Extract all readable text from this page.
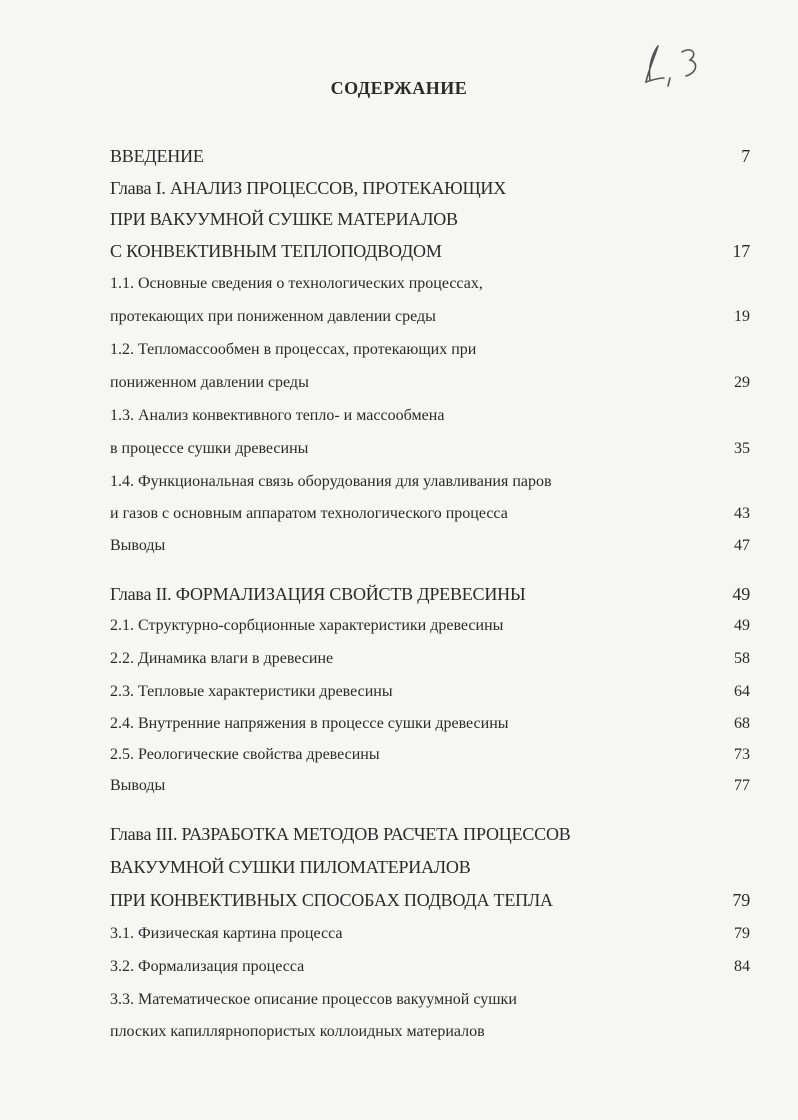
СОДЕРЖАНИЕ
ВВЕДЕНИЕ	7
Глава I. АНАЛИЗ ПРОЦЕССОВ, ПРОТЕКАЮЩИХ
ПРИ ВАКУУМНОЙ СУШКЕ МАТЕРИАЛОВ
С КОНВЕКТИВНЫМ ТЕПЛОПОДВОДОМ	17
1.1. Основные сведения о технологических процессах,
протекающих при пониженном давлении среды	19
1.2. Тепломассообмен в процессах, протекающих при
пониженном давлении среды	29
1.3. Анализ конвективного тепло- и массообмена
в процессе сушки древесины	35
1.4. Функциональная связь оборудования для улавливания паров
и газов с основным аппаратом технологического процесса	43
Выводы	47
Глава II. ФОРМАЛИЗАЦИЯ СВОЙСТВ ДРЕВЕСИНЫ	49
2.1. Структурно-сорбционные характеристики древесины	49
2.2. Динамика влаги в древесине	58
2.3. Тепловые характеристики древесины	64
2.4. Внутренние напряжения в процессе сушки древесины	68
2.5. Реологические свойства древесины	73
Выводы	77
Глава III. РАЗРАБОТКА МЕТОДОВ РАСЧЕТА ПРОЦЕССОВ
ВАКУУМНОЙ СУШКИ ПИЛОМАТЕРИАЛОВ
ПРИ КОНВЕКТИВНЫХ СПОСОБАХ ПОДВОДА ТЕПЛА	79
3.1. Физическая картина процесса	79
3.2. Формализация процесса	84
3.3. Математическое описание процессов вакуумной сушки
плоских капиллярнопористых коллоидных материалов
